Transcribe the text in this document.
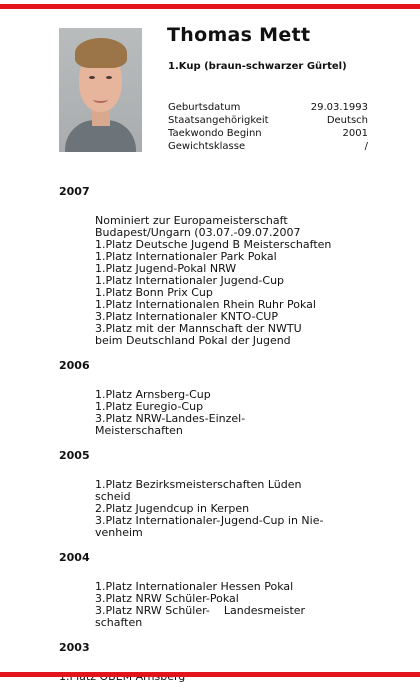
Thomas Mett
1.Kup (braun-schwarzer Gürtel)
Geburtsdatum	29.03.1993
Staatsangehörigkeit	Deutsch
Taekwondo Beginn	2001
Gewichtsklasse	/
2007
Nominiert zur Europameisterschaft
Budapest/Ungarn (03.07.-09.07.2007
1.Platz Deutsche Jugend B Meisterschaften
1.Platz Internationaler Park Pokal
1.Platz Jugend-Pokal NRW
1.Platz Internationaler Jugend-Cup
1.Platz Bonn Prix Cup
1.Platz Internationalen Rhein Ruhr Pokal
3.Platz Internationaler KNTO-CUP
3.Platz mit der Mannschaft der NWTU
beim Deutschland Pokal der Jugend
2006
1.Platz Arnsberg-Cup
1.Platz Euregio-Cup
3.Platz NRW-Landes-Einzel-
Meisterschaften
2005
1.Platz Bezirksmeisterschaften Lüden
scheid
2.Platz Jugendcup in Kerpen
3.Platz Internationaler-Jugend-Cup in Nie-
venheim
2004
1.Platz Internationaler Hessen Pokal
3.Platz NRW Schüler-Pokal
3.Platz NRW Schüler-    Landesmeister
schaften
2003
